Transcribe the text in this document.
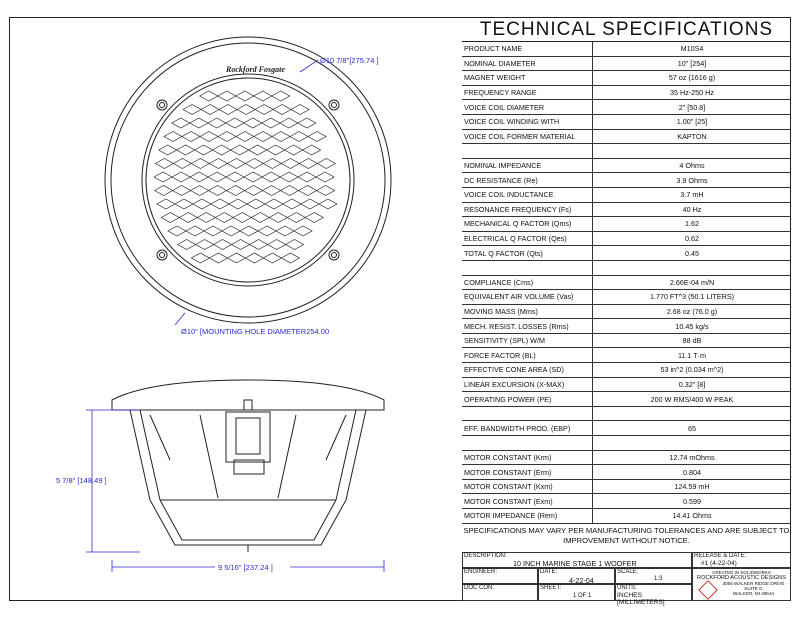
Rockford Fosgate
Ø10 7/8"[275.74 ]
Ø10" [MOUNTING HOLE DIAMETER254.00
5 7/8" [148.49 ]
9 5/16" [237.24 ]
TECHNICAL SPECIFICATIONS
PRODUCT NAME	M10S4
NOMINAL DIAMETER	10" [254]
MAGNET WEIGHT	57 oz (1616 g)
FREQUENCY RANGE	35 Hz-250 Hz
VOICE COIL DIAMETER	2" [50.8]
VOICE COIL WINDING WITH	1.00" [25]
VOICE COIL FORMER MATERIAL	KAPTON

NOMINAL IMPEDANCE	4 Ohms
DC RESISTANCE (Re)	3.9 Ohms
VOICE COIL INDUCTANCE	3.7 mH
RESONANCE FREQUENCY (Fs)	40 Hz
MECHANICAL Q FACTOR (Qms)	1.62
ELECTRICAL Q FACTOR (Qes)	0.62
TOTAL Q FACTOR (Qts)	0.45

COMPLIANCE (Cms)	2.66E-04 m/N
EQUIVALENT AIR VOLUME (Vas)	1.770 FT^3 (50.1 LITERS)
MOVING MASS (Mms)	2.68 oz (76.0 g)
MECH. RESIST. LOSSES (Rms)	10.45 kg/s
SENSITIVITY (SPL) W/M	88 dB
FORCE FACTOR (BL)	11.1 T·m
EFFECTIVE CONE AREA (SD)	53 in^2 (0.034 m^2)
LINEAR EXCURSION (X-MAX)	0.32" [8]
OPERATING POWER (PE)	200 W RMS/400 W PEAK

EFF. BANDWIDTH PROD. (EBP)	65

MOTOR CONSTANT (Krm)	12.74 mOhms
MOTOR CONSTANT (Erm)	0.804
MOTOR CONSTANT (Kxm)	124.59 mH
MOTOR CONSTANT (Exm)	0.599
MOTOR IMPEDANCE (Rem)	14.41 Ohms
SPECIFICATIONS MAY VARY PER MANUFACTURING TOLERANCES AND ARE SUBJECT TO IMPROVEMENT WITHOUT NOTICE.
DESCRIPTION:
10 INCH MARINE STAGE 1 WOOFER
RELEASE & DATE:
#1 (4-22-04)
ENGINEER:	DATE:
4-22-04
SCALE:
1:3
CREATED IN SOLIDWORKS
ROCKFORD ACOUSTIC DESIGNS
3056 WALKER RIDGE DRIVE
SUITE G
WALKER, MI 49544
DOC CON:	SHEET:
1 OF 1
UNITS:
INCHES [MILLIMETERS]
